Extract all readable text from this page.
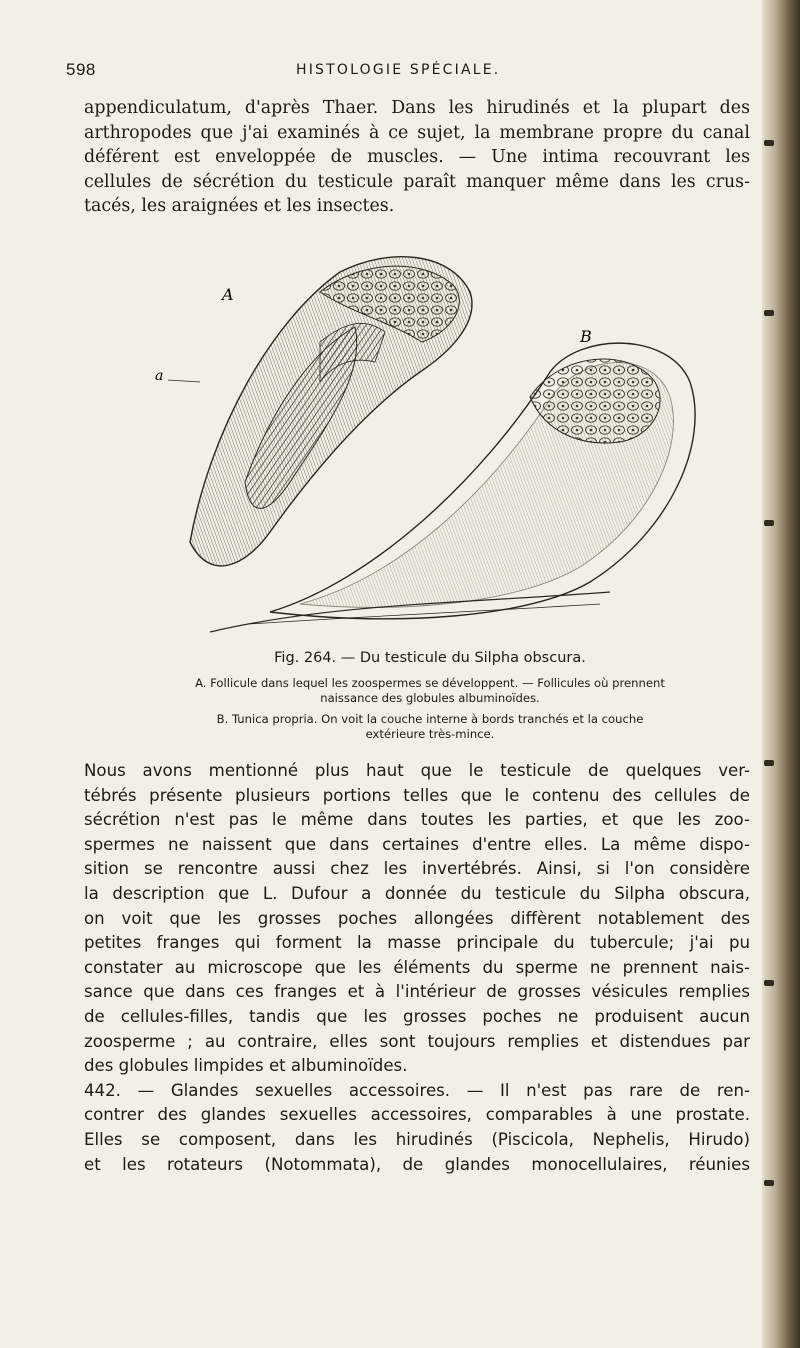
598	HISTOLOGIE SPÉCIALE.
appendiculatum, d'après Thaer. Dans les hirudinés et la plupart des
arthropodes que j'ai examinés à ce sujet, la membrane propre du canal
déférent est enveloppée de muscles. — Une intima recouvrant les
cellules de sécrétion du testicule paraît manquer même dans les crus-
tacés, les araignées et les insectes.
A
B
a
Fig. 264. — Du testicule du Silpha obscura.
A. Follicule dans lequel les zoospermes se développent. — Follicules où prennent
naissance des globules albuminoïdes.
B. Tunica propria. On voit la couche interne à bords tranchés et la couche
extérieure très-mince.
Nous avons mentionné plus haut que le testicule de quelques ver-
tébrés présente plusieurs portions telles que le contenu des cellules de
sécrétion n'est pas le même dans toutes les parties, et que les zoo-
spermes ne naissent que dans certaines d'entre elles. La même dispo-
sition se rencontre aussi chez les invertébrés. Ainsi, si l'on considère
la description que L. Dufour a donnée du testicule du Silpha obscura,
on voit que les grosses poches allongées diffèrent notablement des
petites franges qui forment la masse principale du tubercule; j'ai pu
constater au microscope que les éléments du sperme ne prennent nais-
sance que dans ces franges et à l'intérieur de grosses vésicules remplies
de cellules-filles, tandis que les grosses poches ne produisent aucun
zoosperme ; au contraire, elles sont toujours remplies et distendues par
des globules limpides et albuminoïdes.
442. — Glandes sexuelles accessoires. — Il n'est pas rare de ren-
contrer des glandes sexuelles accessoires, comparables à une prostate.
Elles se composent, dans les hirudinés (Piscicola, Nephelis, Hirudo)
et les rotateurs (Notommata), de glandes monocellulaires, réunies
